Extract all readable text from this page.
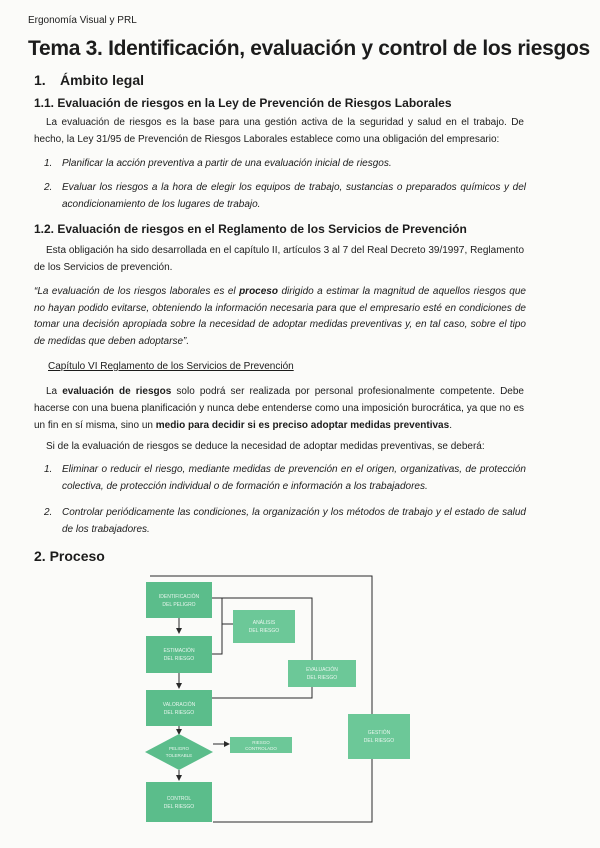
Ergonomía Visual y PRL
Tema 3. Identificación, evaluación y control de los riesgos
1. Ámbito legal
1.1. Evaluación de riesgos en la Ley de Prevención de Riesgos Laborales
La evaluación de riesgos es la base para una gestión activa de la seguridad y salud en el trabajo. De hecho, la Ley 31/95 de Prevención de Riesgos Laborales establece como una obligación del empresario:
1. Planificar la acción preventiva a partir de una evaluación inicial de riesgos.
2. Evaluar los riesgos a la hora de elegir los equipos de trabajo, sustancias o preparados químicos y del acondicionamiento de los lugares de trabajo.
1.2. Evaluación de riesgos en el Reglamento de los Servicios de Prevención
Esta obligación ha sido desarrollada en el capítulo II, artículos 3 al 7 del Real Decreto 39/1997, Reglamento de los Servicios de prevención.
“La evaluación de los riesgos laborales es el proceso dirigido a estimar la magnitud de aquellos riesgos que no hayan podido evitarse, obteniendo la información necesaria para que el empresario esté en condiciones de tomar una decisión apropiada sobre la necesidad de adoptar medidas preventivas y, en tal caso, sobre el tipo de medidas que deben adoptarse”.
Capítulo VI Reglamento de los Servicios de Prevención
La evaluación de riesgos solo podrá ser realizada por personal profesionalmente competente. Debe hacerse con una buena planificación y nunca debe entenderse como una imposición burocrática, ya que no es un fin en sí misma, sino un medio para decidir si es preciso adoptar medidas preventivas.
Si de la evaluación de riesgos se deduce la necesidad de adoptar medidas preventivas, se deberá:
1. Eliminar o reducir el riesgo, mediante medidas de prevención en el origen, organizativas, de protección colectiva, de protección individual o de formación e información a los trabajadores.
2. Controlar periódicamente las condiciones, la organización y los métodos de trabajo y el estado de salud de los trabajadores.
2. Proceso
IDENTIFICACIÓN
DEL PELIGRO
ESTIMACIÓN
DEL RIESGO
VALORACIÓN
DEL RIESGO
PELIGRO
TOLERABLE
CONTROL
DEL RIESGO
ANÁLISIS
DEL RIESGO
EVALUACIÓN
DEL RIESGO
RIESGO
CONTROLADO
GESTIÓN
DEL RIESGO
